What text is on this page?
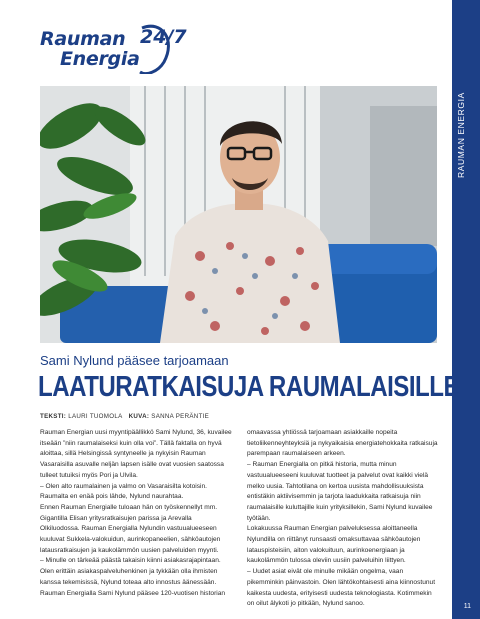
Rauman
Energia
24/7
RAUMAN ENERGIA
11
Sami Nylund pääsee tarjoamaan
LAATURATKAISUJA RAUMALAISILLE
TEKSTI: LAURI TUOMOLA KUVA: SANNA PERÄNTIE

Rauman Energian uusi myyntipäällikkö Sami Nylund, 36, kuvailee itseään ”niin raumalaiseksi kuin olla voi”. Tällä faktalla on hyvä aloittaa, sillä Helsingissä syntyneelle ja nykyisin Rauman Vasaraisilla asuvalle neljän lapsen isälle ovat vuosien saatossa tulleet tutuiksi myös Pori ja Ulvila.

– Olen alto raumalainen ja valmo on Vasaraisilta kotoisin. Raumalta en enää pois lähde, Nylund naurahtaa.

Ennen Rauman Energialle tuloaan hän on työskennellyt mm. Gigantilla Elisan yritysratkaisujen parissa ja Arevalla Olkiluodossa. Rauman Energialla Nylundin vastuualueeseen kuuluvat Sukkela-valokuidun, aurinkopaneelien, sähköautojen latausratkaisujen ja kaukolämmön uusien palveluiden myynti.

– Minulle on tärkeää päästä takaisin kiinni asiakasrajapintaan. Olen erittäin asiakaspalveluhenkinen ja tykkään olla ihmisten kanssa tekemisissä, Nylund toteaa alto innostus äänessään.

Rauman Energialla Sami Nylund pääsee 120-vuotisen historian

omaavassa yhtiössä tarjoamaan asiakkaille nopeita tietoliikenneyhteyksiä ja nykyaikaisia energiatehokkaita ratkaisuja parempaan raumalaiseen arkeen.

– Rauman Energialla on pitkä historia, mutta minun vastuualueeseeni kuuluvat tuotteet ja palvelut ovat kaikki vielä melko uusia. Tahtotilana on kertoa uusista mahdollisuuksista entistäkin aktiivisemmin ja tarjota laadukkaita ratkaisuja niin raumalaisille kuluttajille kuin yrityksillekin, Sami Nylund kuvailee työtään.

Lokakuussa Rauman Energian palveluksessa aloittaneella Nylundilla on riittänyt runsaasti omaksuttavaa sähköautojen latauspisteisiin, aiton valokuituun, aurinkoenergiaan ja kaukolämmön tulossa oleviin uusiin palveluihin liittyen.

– Uudet asiat eivät ole minulle mikään ongelma, vaan pikemminkin päinvastoin. Olen lähtökohtaisesti aina kiinnostunut kaikesta uudesta, erityisesti uudesta teknologiasta. Kotimmekin on oilut älykoti jo pitkään, Nylund sanoo.
